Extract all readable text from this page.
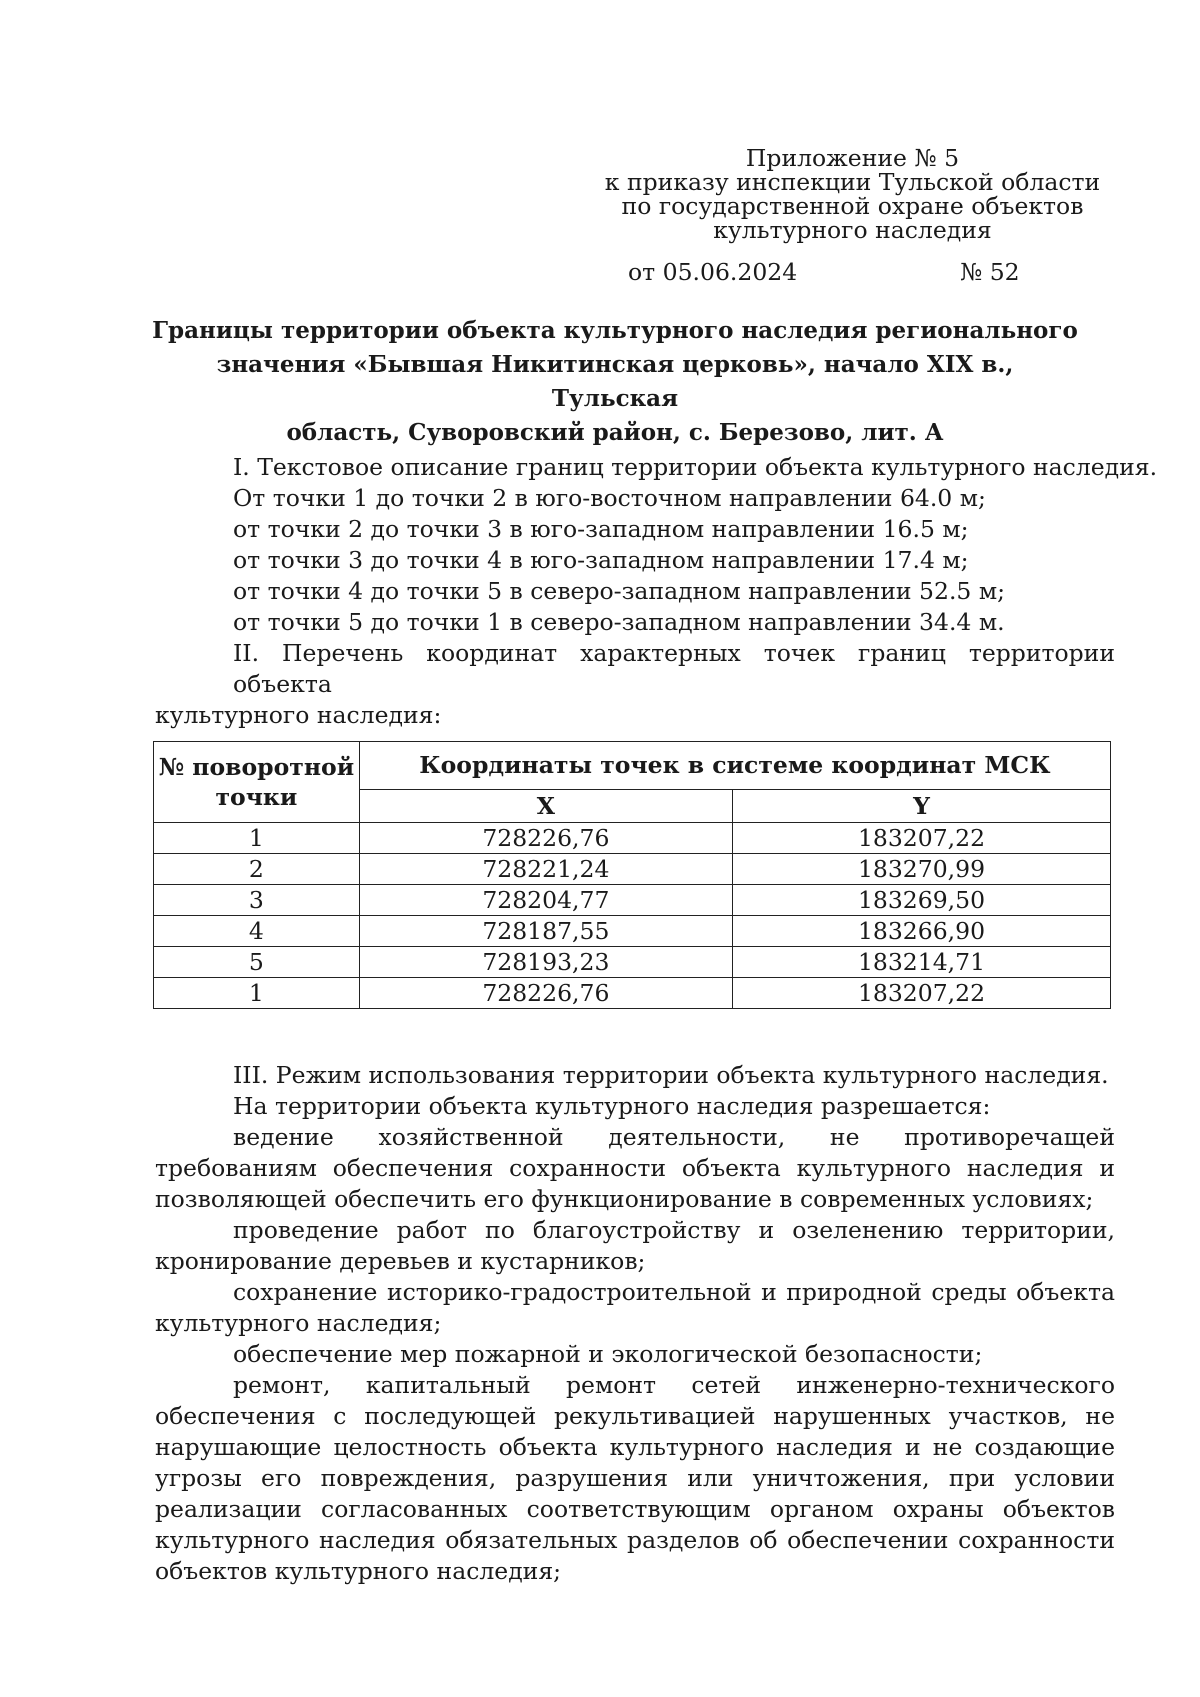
Приложение № 5
к приказу инспекции Тульской области
по государственной охране объектов
культурного наследия
от 05.06.2024	№ 52
Границы территории объекта культурного наследия регионального
значения «Бывшая Никитинская церковь», начало XIX в., Тульская
область, Суворовский район, с. Березово, лит. А
I. Текстовое описание границ территории объекта культурного наследия.
От точки 1 до точки 2 в юго-восточном направлении 64.0 м;
от точки 2 до точки 3 в юго-западном направлении 16.5 м;
от точки 3 до точки 4 в юго-западном направлении 17.4 м;
от точки 4 до точки 5 в северо-западном направлении 52.5 м;
от точки 5 до точки 1 в северо-западном направлении 34.4 м.
II. Перечень координат характерных точек границ территории объекта
культурного наследия:
№ поворотной точки	Координаты точек в системе координат МСК	
	X	Y
1	728226,76	183207,22
2	728221,24	183270,99
3	728204,77	183269,50
4	728187,55	183266,90
5	728193,23	183214,71
1	728226,76	183207,22
III. Режим использования территории объекта культурного наследия.
На территории объекта культурного наследия разрешается:
ведение хозяйственной деятельности, не противоречащей требованиям обеспечения сохранности объекта культурного наследия и позволяющей обеспечить его функционирование в современных условиях;
проведение работ по благоустройству и озеленению территории, кронирование деревьев и кустарников;
сохранение историко-градостроительной и природной среды объекта культурного наследия;
обеспечение мер пожарной и экологической безопасности;
ремонт, капитальный ремонт сетей инженерно-технического обеспечения с последующей рекультивацией нарушенных участков, не нарушающие целостность объекта культурного наследия и не создающие угрозы его повреждения, разрушения или уничтожения, при условии реализации согласованных соответствующим органом охраны объектов культурного наследия обязательных разделов об обеспечении сохранности объектов культурного наследия;
